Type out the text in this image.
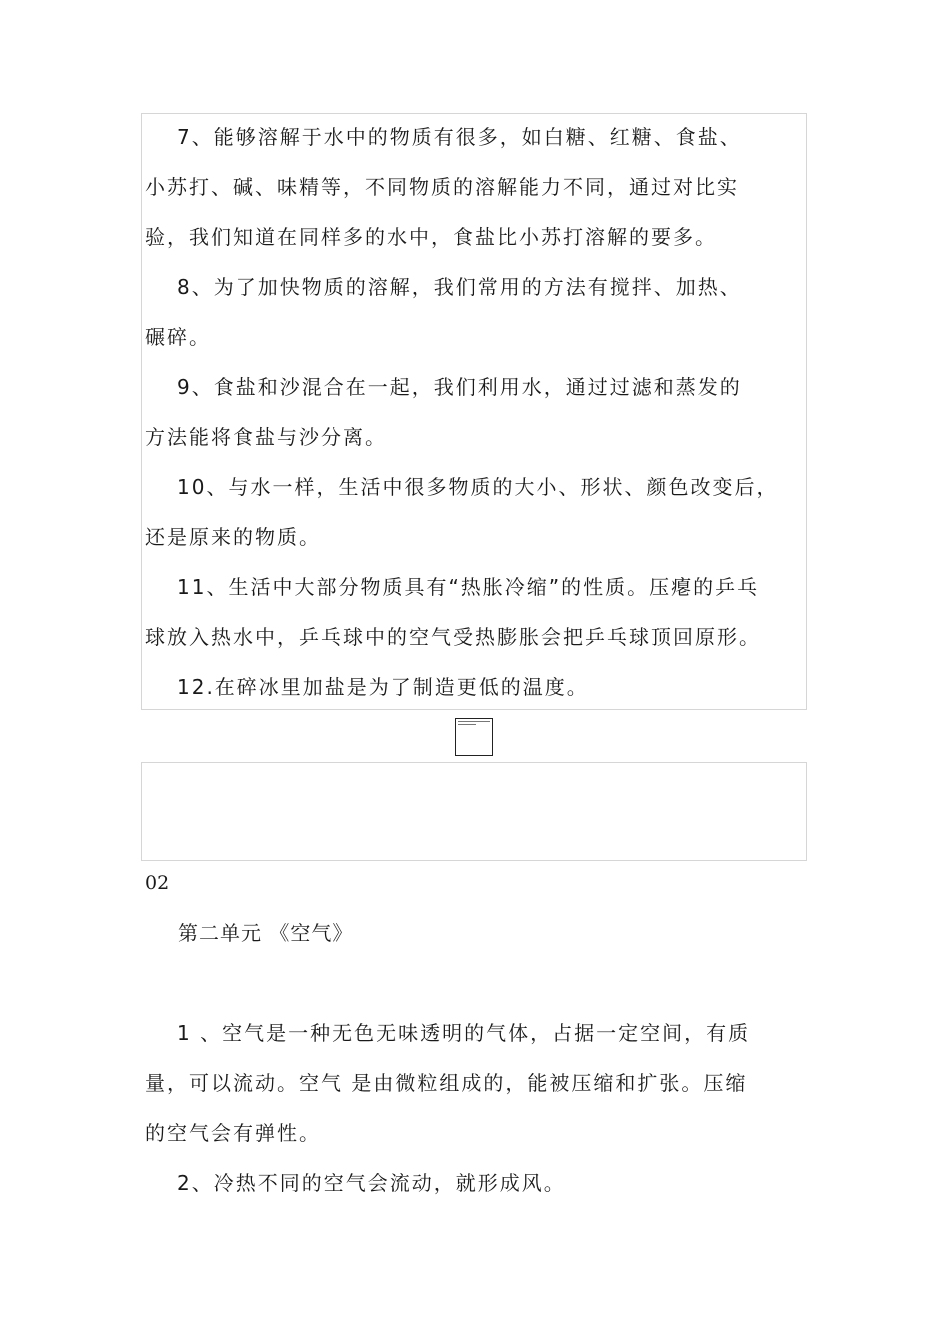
7、能够溶解于水中的物质有很多，如白糖、红糖、食盐、
小苏打、碱、味精等，不同物质的溶解能力不同，通过对比实
验，我们知道在同样多的水中，食盐比小苏打溶解的要多。
8、为了加快物质的溶解，我们常用的方法有搅拌、加热、
碾碎。
9、食盐和沙混合在一起，我们利用水，通过过滤和蒸发的
方法能将食盐与沙分离。
10、与水一样，生活中很多物质的大小、形状、颜色改变后，
还是原来的物质。
11、生活中大部分物质具有“热胀冷缩”的性质。压瘪的乒乓
球放入热水中，乒乓球中的空气受热膨胀会把乒乓球顶回原形。
12.在碎冰里加盐是为了制造更低的温度。
02
第二单元 《空气》
1 、空气是一种无色无味透明的气体，占据一定空间，有质
量，可以流动。空气 是由微粒组成的，能被压缩和扩张。压缩
的空气会有弹性。
2、冷热不同的空气会流动，就形成风。
